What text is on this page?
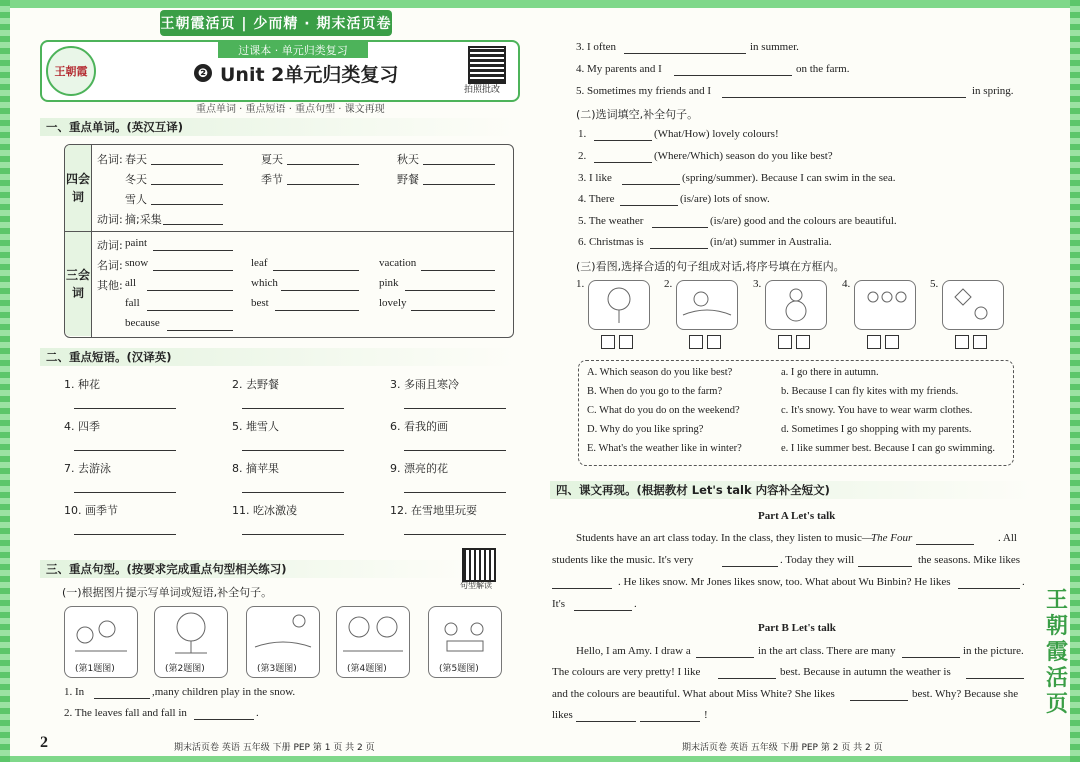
王朝霞活页 | 少而精 · 期末活页卷
王朝霞
过课本 · 单元归类复习
❷ Unit 2单元归类复习
拍照批改
重点单词 · 重点短语 · 重点句型 · 课文再现
一、重点单词。(英汉互译)
四会词
三会词
名词: 春天	夏天	秋天
冬天	季节	野餐
雪人
动词: 摘;采集
动词: paint
名词: snow	leaf	vacation
其他: all	which	pink
fall	best	lovely
because
二、重点短语。(汉译英)
1. 种花	2. 去野餐	3. 多雨且寒冷
4. 四季	5. 堆雪人	6. 看我的画
7. 去游泳	8. 摘苹果	9. 漂亮的花
10. 画季节	11. 吃冰激凌	12. 在雪地里玩耍
三、重点句型。(按要求完成重点句型相关练习)
句型解读
(一)根据图片提示写单词或短语,补全句子。
(第1题图)	(第2题图)	(第3题图)	(第4题图)	(第5题图)
1. In	,many children play in the snow.
2. The leaves fall and fall in	.
3. I often	in summer.
4. My parents and I	on the farm.
5. Sometimes my friends and I	in spring.
(二)选词填空,补全句子。
1.	(What/How) lovely colours!
2.	(Where/Which) season do you like best?
3. I like	(spring/summer). Because I can swim in the sea.
4. There	(is/are) lots of snow.
5. The weather	(is/are) good and the colours are beautiful.
6. Christmas is	(in/at) summer in Australia.
(三)看图,选择合适的句子组成对话,将序号填在方框内。
1.	2.	3.	4.	5.
A. Which season do you like best?
B. When do you go to the farm?
C. What do you do on the weekend?
D. Why do you like spring?
E. What's the weather like in winter?
a. I go there in autumn.
b. Because I can fly kites with my friends.
c. It's snowy. You have to wear warm clothes.
d. Sometimes I go shopping with my parents.
e. I like summer best. Because I can go swimming.
四、课文再现。(根据教材 Let's talk 内容补全短文)
Part A Let's talk
Students have an art class today. In the class, they listen to music—
The Four	. All
students like the music. It's very	. Today they will	the seasons. Mike likes
. He likes snow. Mr Jones likes snow, too. What about Wu Binbin? He likes	.
It's	.
Part B Let's talk
Hello, I am Amy. I draw a	in the art class. There are many	in the picture.
The colours are very pretty! I like	best. Because in autumn the weather is
and the colours are beautiful. What about Miss White? She likes	best. Why? Because she
likes	!
王朝霞活页
2	期末活页卷 英语 五年级 下册 PEP 第 1 页 共 2 页	期末活页卷 英语 五年级 下册 PEP 第 2 页 共 2 页
